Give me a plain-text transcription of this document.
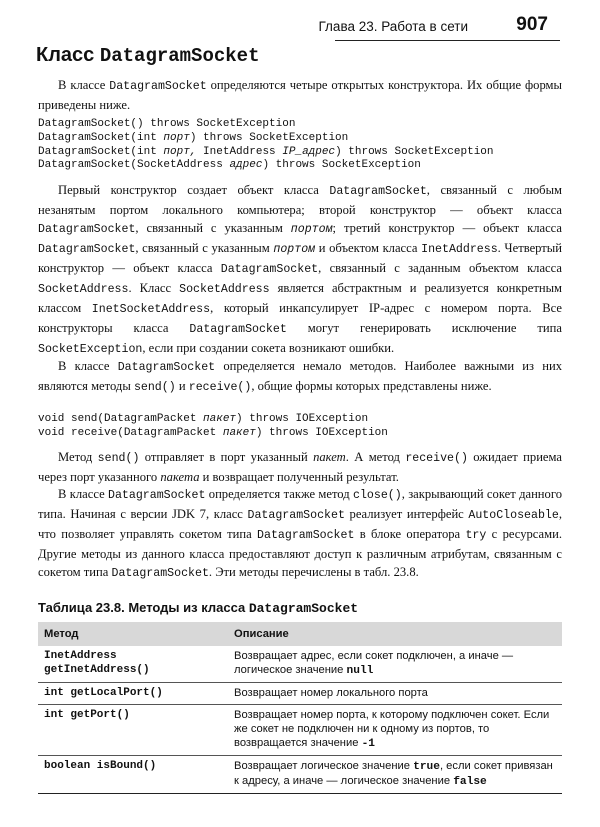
Глава 23. Работа в сети	907
Класс DatagramSocket

В классе DatagramSocket определяются четыре открытых конструктора. Их общие формы приведены ниже.

DatagramSocket() throws SocketException
DatagramSocket(int порт) throws SocketException
DatagramSocket(int порт, InetAddress IP_адрес) throws SocketException
DatagramSocket(SocketAddress адрес) throws SocketException

Первый конструктор создает объект класса DatagramSocket, связанный с любым незанятым портом локального компьютера; второй конструктор — объект класса DatagramSocket, связанный с указанным портом; третий конструктор — объект класса DatagramSocket, связанный с указанным портом и объектом класса InetAddress. Четвертый конструктор — объект класса DatagramSocket, связанный с заданным объектом класса SocketAddress. Класс SocketAddress является абстрактным и реализуется конкретным классом InetSocketAddress, который инкапсулирует IP-адрес с номером порта. Все конструкторы класса DatagramSocket могут генерировать исключение типа SocketException, если при создании сокета возникают ошибки.

В классе DatagramSocket определяется немало методов. Наиболее важными из них являются методы send() и receive(), общие формы которых представлены ниже.

void send(DatagramPacket пакет) throws IOException
void receive(DatagramPacket пакет) throws IOException

Метод send() отправляет в порт указанный пакет. А метод receive() ожидает приема через порт указанного пакета и возвращает полученный результат.

В классе DatagramSocket определяется также метод close(), закрывающий сокет данного типа. Начиная с версии JDK 7, класс DatagramSocket реализует интерфейс AutoCloseable, что позволяет управлять сокетом типа DatagramSocket в блоке оператора try с ресурсами. Другие методы из данного класса предоставляют доступ к различным атрибутам, связанным с сокетом типа DatagramSocket. Эти методы перечислены в табл. 23.8.

Таблица 23.8. Методы из класса DatagramSocket

Метод	Описание
InetAddress
getInetAddress()	Возвращает адрес, если сокет подключен, а иначе — логическое значение null
int getLocalPort()	Возвращает номер локального порта
int getPort()	Возвращает номер порта, к которому подключен сокет. Если же сокет не подключен ни к одному из портов, то возвращается значение -1
boolean isBound()	Возвращает логическое значение true, если сокет привязан к адресу, а иначе — логическое значение false
